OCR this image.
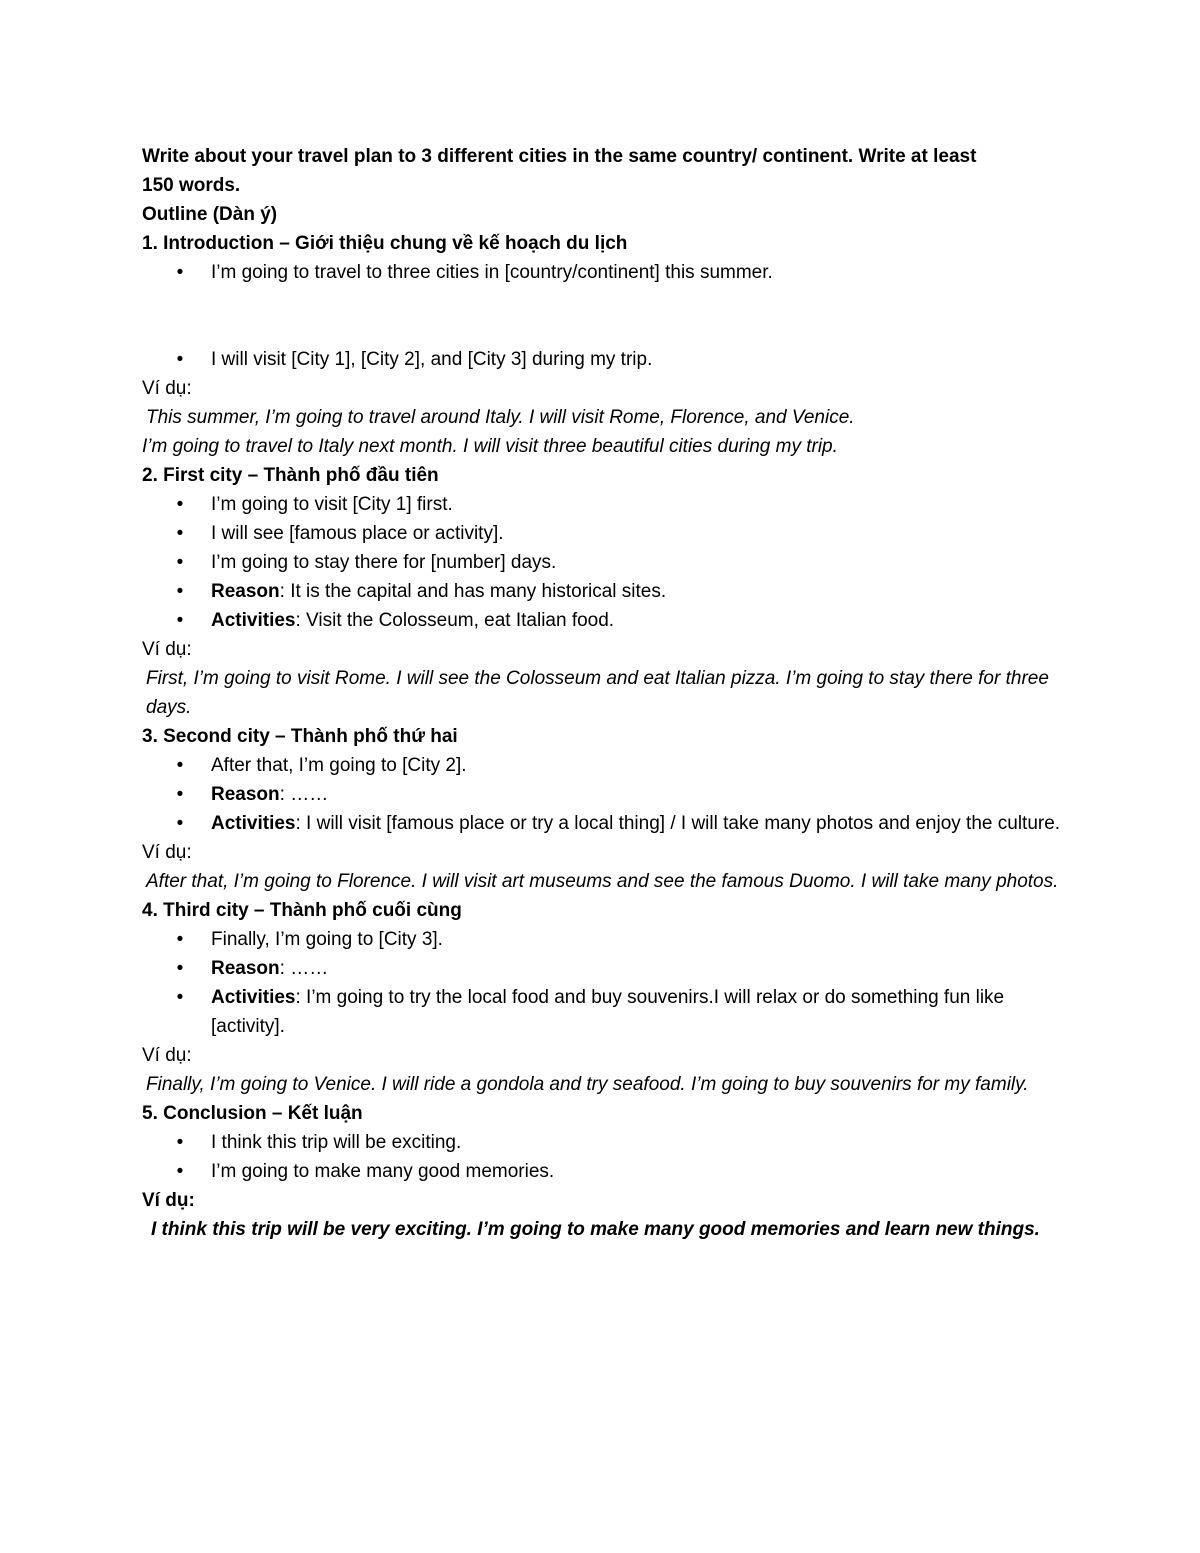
Write about your travel plan to 3 different cities in the same country/ continent. Write at least

150 words.

Outline (Dàn ý)

1. Introduction – Giới thiệu chung về kế hoạch du lịch

• I’m going to travel to three cities in [country/continent] this summer.
• I will visit [City 1], [City 2], and [City 3] during my trip.

Ví dụ:

This summer, I’m going to travel around Italy. I will visit Rome, Florence, and Venice.

I’m going to travel to Italy next month. I will visit three beautiful cities during my trip.

2. First city – Thành phố đầu tiên

• I’m going to visit [City 1] first.
• I will see [famous place or activity].
• I’m going to stay there for [number] days.
• Reason: It is the capital and has many historical sites.
• Activities: Visit the Colosseum, eat Italian food.

Ví dụ:

First, I’m going to visit Rome. I will see the Colosseum and eat Italian pizza. I’m going to stay there for three days.

3. Second city – Thành phố thứ hai

• After that, I’m going to [City 2].
• Reason: ……
• Activities: I will visit [famous place or try a local thing] / I will take many photos and enjoy the culture.

Ví dụ:

After that, I’m going to Florence. I will visit art museums and see the famous Duomo. I will take many photos.

4. Third city – Thành phố cuối cùng

• Finally, I’m going to [City 3].
• Reason: ……
• Activities: I’m going to try the local food and buy souvenirs.I will relax or do something fun like [activity].

Ví dụ:

Finally, I’m going to Venice. I will ride a gondola and try seafood. I’m going to buy souvenirs for my family.

5. Conclusion – Kết luận

• I think this trip will be exciting.
• I’m going to make many good memories.

Ví dụ:

I think this trip will be very exciting. I’m going to make many good memories and learn new things.
